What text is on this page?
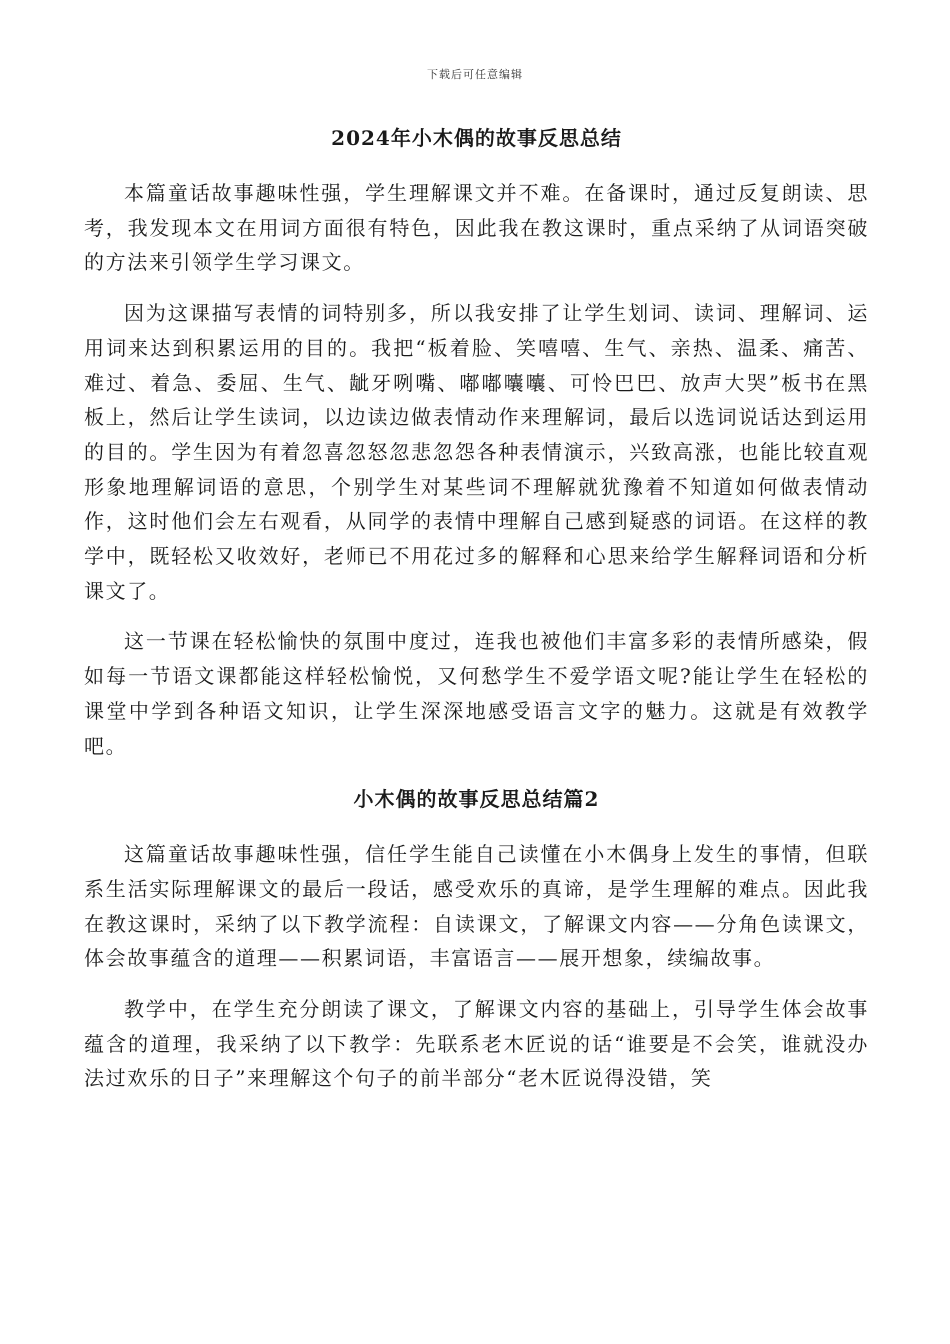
下载后可任意编辑
2024年小木偶的故事反思总结

本篇童话故事趣味性强，学生理解课文并不难。在备课时，通过反复朗读、思考，我发现本文在用词方面很有特色，因此我在教这课时，重点采纳了从词语突破的方法来引领学生学习课文。

因为这课描写表情的词特别多，所以我安排了让学生划词、读词、理解词、运用词来达到积累运用的目的。我把“板着脸、笑嘻嘻、生气、亲热、温柔、痛苦、难过、着急、委屈、生气、龇牙咧嘴、嘟嘟囔囔、可怜巴巴、放声大哭”板书在黑板上，然后让学生读词，以边读边做表情动作来理解词，最后以选词说话达到运用的目的。学生因为有着忽喜忽怒忽悲忽怨各种表情演示，兴致高涨，也能比较直观形象地理解词语的意思，个别学生对某些词不理解就犹豫着不知道如何做表情动作，这时他们会左右观看，从同学的表情中理解自己感到疑惑的词语。在这样的教学中，既轻松又收效好，老师已不用花过多的解释和心思来给学生解释词语和分析课文了。

这一节课在轻松愉快的氛围中度过，连我也被他们丰富多彩的表情所感染，假如每一节语文课都能这样轻松愉悦，又何愁学生不爱学语文呢?能让学生在轻松的课堂中学到各种语文知识，让学生深深地感受语言文字的魅力。这就是有效教学吧。

小木偶的故事反思总结篇2

这篇童话故事趣味性强，信任学生能自己读懂在小木偶身上发生的事情，但联系生活实际理解课文的最后一段话，感受欢乐的真谛，是学生理解的难点。因此我在教这课时，采纳了以下教学流程：自读课文，了解课文内容——分角色读课文，体会故事蕴含的道理——积累词语，丰富语言——展开想象，续编故事。

教学中，在学生充分朗读了课文，了解课文内容的基础上，引导学生体会故事蕴含的道理，我采纳了以下教学：先联系老木匠说的话“谁要是不会笑，谁就没办法过欢乐的日子”来理解这个句子的前半部分“老木匠说得没错，笑
